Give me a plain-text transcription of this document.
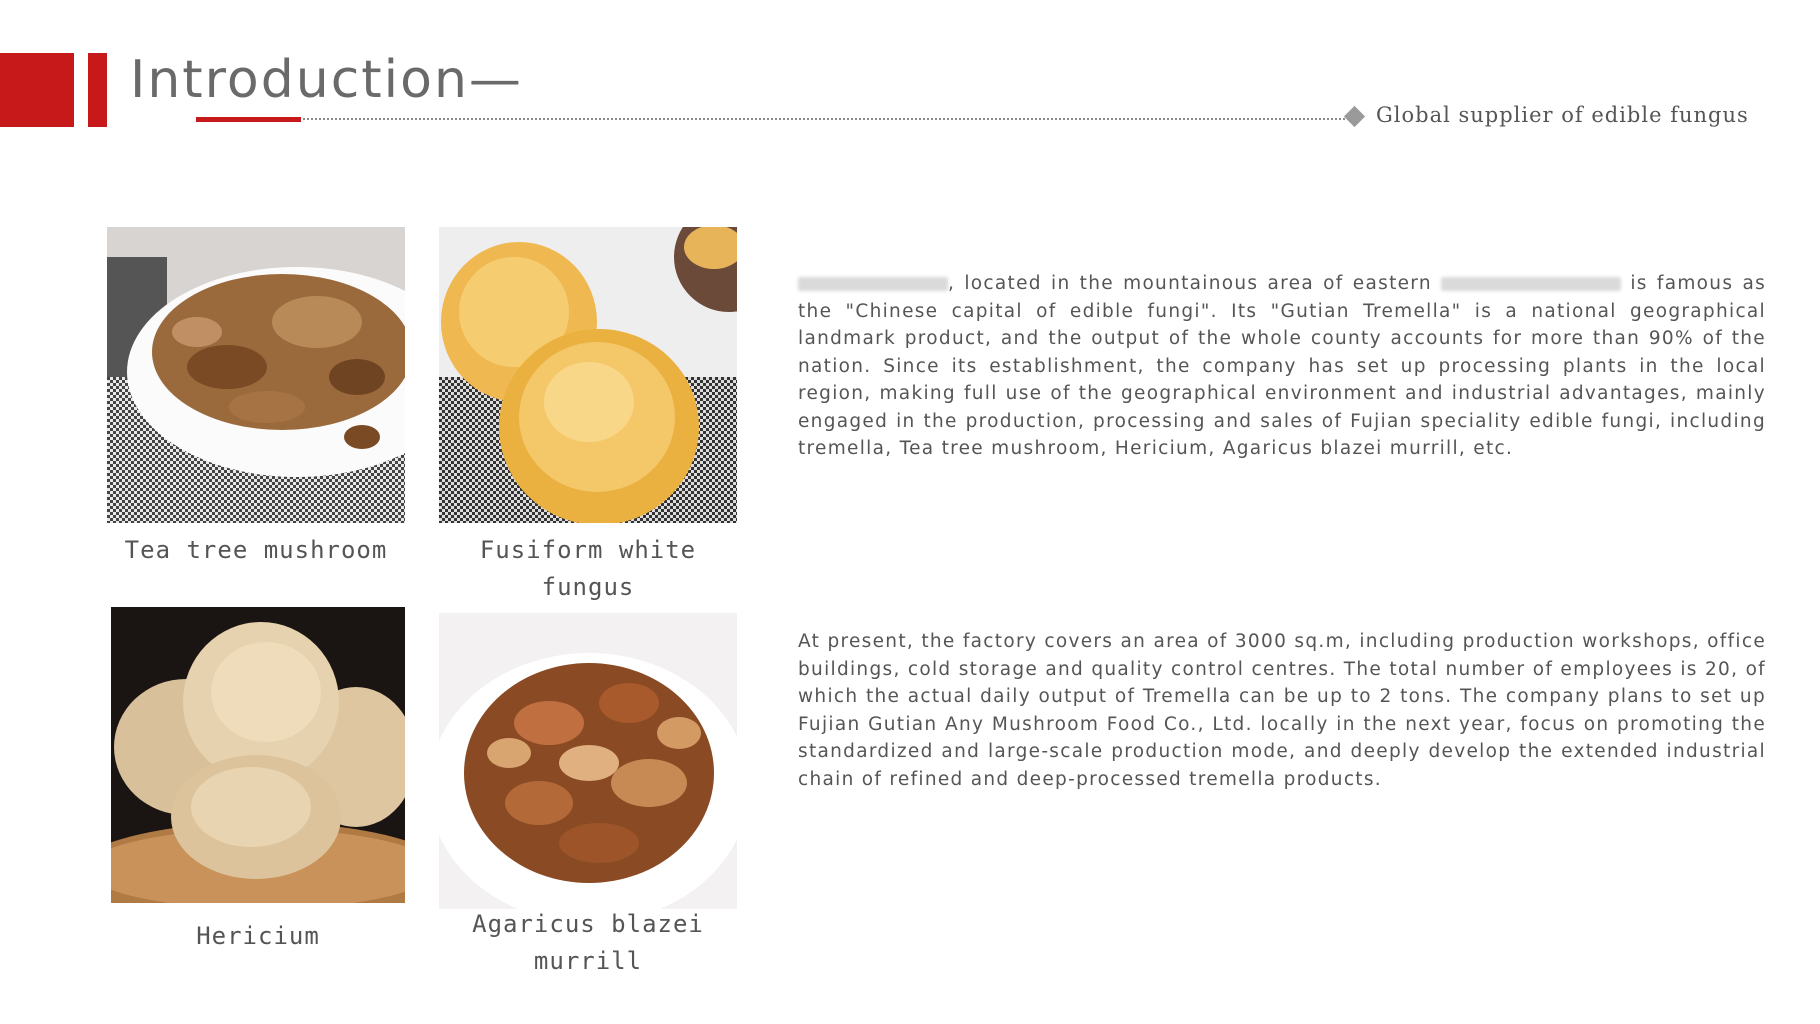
Introduction—
Global supplier of edible fungus
Tea tree mushroom	Fusiform white fungus
Hericium	Agaricus blazei murrill
, located in the mountainous area of eastern	is famous as the "Chinese capital of edible fungi". Its "Gutian Tremella" is a national geographical landmark product, and the output of the whole county accounts for more than 90% of the nation. Since its establishment, the company has set up processing plants in the local region, making full use of the geographical environment and industrial advantages, mainly engaged in the production, processing and sales of Fujian speciality edible fungi, including tremella, Tea tree mushroom, Hericium, Agaricus blazei murrill, etc.
At present, the factory covers an area of 3000 sq.m, including production workshops, office buildings, cold storage and quality control centres. The total number of employees is 20, of which the actual daily output of Tremella can be up to 2 tons. The company plans to set up Fujian Gutian Any Mushroom Food Co., Ltd. locally in the next year, focus on promoting the standardized and large-scale production mode, and deeply develop the extended industrial chain of refined and deep-processed tremella products.
